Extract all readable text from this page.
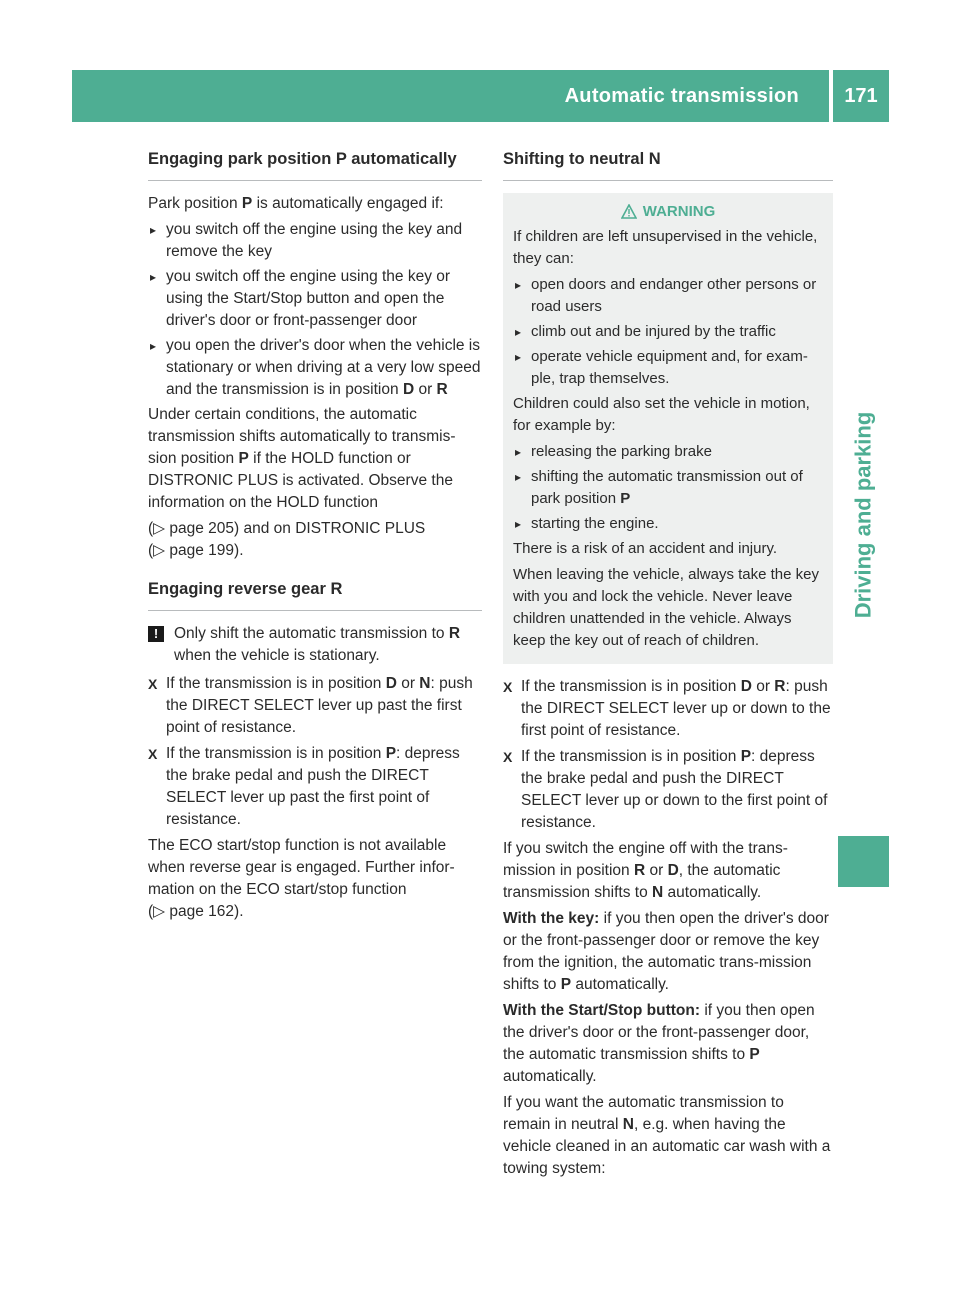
Automatic transmission	171
Driving and parking
Engaging park position P automatically

Park position P is automatically engaged if:

▸ you switch off the engine using the key and remove the key
▸ you switch off the engine using the key or using the Start/Stop button and open the driver's door or front-passenger door
▸ you open the driver's door when the vehicle is stationary or when driving at a very low speed and the transmission is in position D or R

Under certain conditions, the automatic transmission shifts automatically to transmis-sion position P if the HOLD function or DISTRONIC PLUS is activated. Observe the information on the HOLD function

(▷ page 205) and on DISTRONIC PLUS

(▷ page 199).

Engaging reverse gear R
!	Only shift the automatic transmission to R when the vehicle is stationary.
X If the transmission is in position D or N: push the DIRECT SELECT lever up past the first point of resistance.
X If the transmission is in position P: depress the brake pedal and push the DIRECT SELECT lever up past the first point of resistance.

The ECO start/stop function is not available when reverse gear is engaged. Further infor-mation on the ECO start/stop function

(▷ page 162).

Shifting to neutral N
WARNING

If children are left unsupervised in the vehicle, they can:

▸ open doors and endanger other persons or road users
▸ climb out and be injured by the traffic
▸ operate vehicle equipment and, for exam-ple, trap themselves.

Children could also set the vehicle in motion, for example by:

▸ releasing the parking brake
▸ shifting the automatic transmission out of park position P
▸ starting the engine.

There is a risk of an accident and injury.

When leaving the vehicle, always take the key with you and lock the vehicle. Never leave children unattended in the vehicle. Always keep the key out of reach of children.

X If the transmission is in position D or R: push the DIRECT SELECT lever up or down to the first point of resistance.
X If the transmission is in position P: depress the brake pedal and push the DIRECT SELECT lever up or down to the first point of resistance.

If you switch the engine off with the trans-mission in position R or D, the automatic transmission shifts to N automatically.

With the key: if you then open the driver's door or the front-passenger door or remove the key from the ignition, the automatic trans-mission shifts to P automatically.

With the Start/Stop button: if you then open the driver's door or the front-passenger door, the automatic transmission shifts to P automatically.

If you want the automatic transmission to remain in neutral N, e.g. when having the vehicle cleaned in an automatic car wash with a towing system:
